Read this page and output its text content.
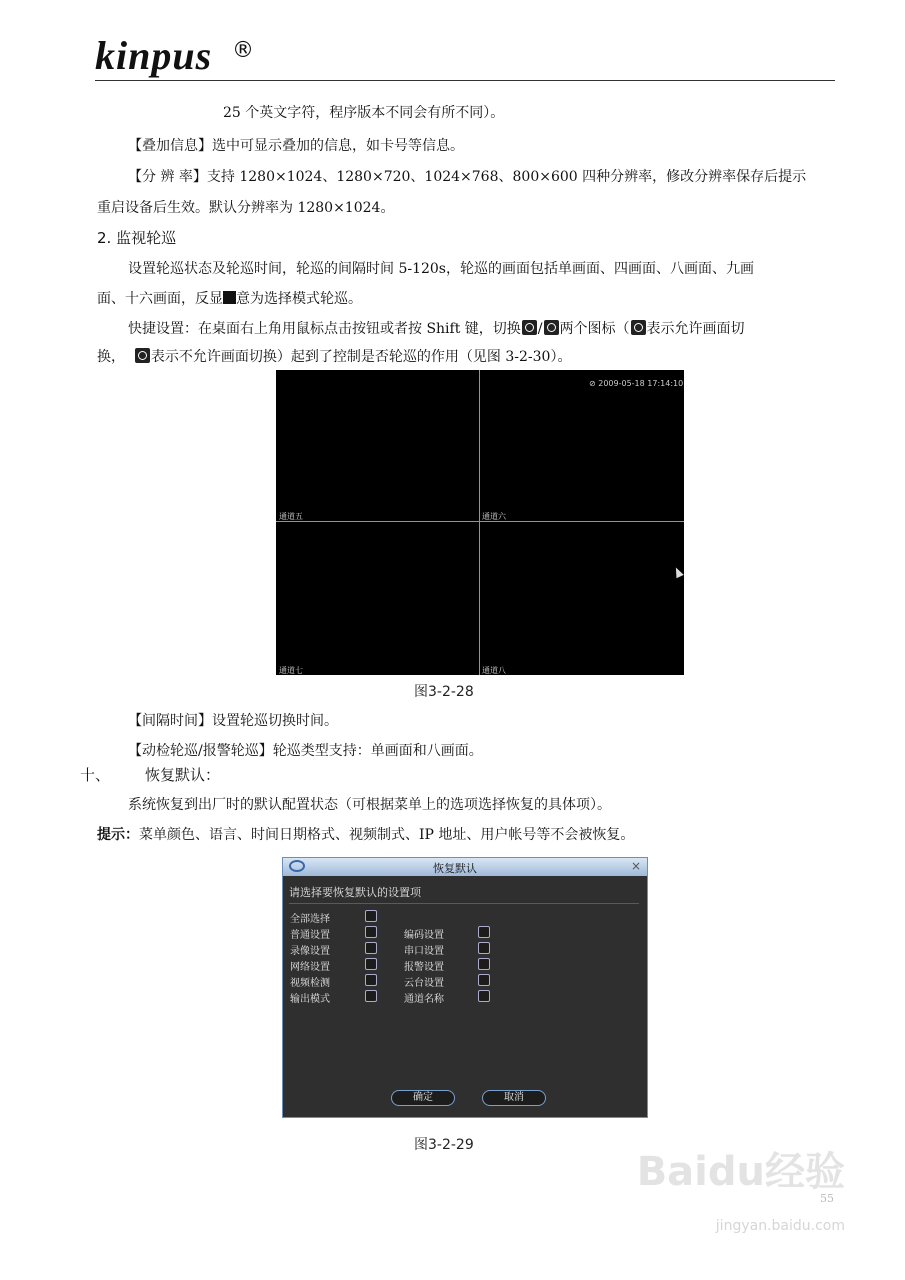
kinpus ®
25 个英文字符，程序版本不同会有所不同）。
【叠加信息】选中可显示叠加的信息，如卡号等信息。
【分 辨 率】支持 1280×1024、1280×720、1024×768、800×600 四种分辨率，修改分辨率保存后提示
重启设备后生效。默认分辨率为 1280×1024。
2. 监视轮巡
设置轮巡状态及轮巡时间，轮巡的间隔时间 5-120s，轮巡的画面包括单画面、四画面、八画面、九画
面、十六画面，反显 意为选择模式轮巡。
快捷设置：在桌面右上角用鼠标点击按钮或者按 Shift 键，切换 / 两个图标（ 表示允许画面切
换， 表示不允许画面切换）起到了控制是否轮巡的作用（见图 3-2-30）。
⊘ 2009-05-18 17:14:10
通道五	通道六
通道七	通道八
图3-2-28
【间隔时间】设置轮巡切换时间。
【动检轮巡/报警轮巡】轮巡类型支持：单画面和八画面。
十、 恢复默认：
系统恢复到出厂时的默认配置状态（可根据菜单上的选项选择恢复的具体项）。
提示：菜单颜色、语言、时间日期格式、视频制式、IP 地址、用户帐号等不会被恢复。
恢复默认	×
请选择要恢复默认的设置项
全部选择
普通设置	编码设置
录像设置	串口设置
网络设置	报警设置
视频检测	云台设置
输出模式	通道名称
确定	取消
图3-2-29
55
Baidu经验
jingyan.baidu.com
